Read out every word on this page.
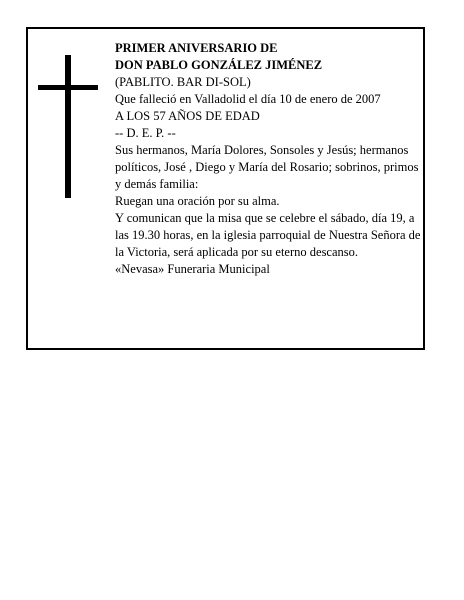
PRIMER ANIVERSARIO DE
DON PABLO GONZÁLEZ JIMÉNEZ
(PABLITO. BAR DI-SOL)
Que falleció en Valladolid el día 10 de enero de 2007
A LOS 57 AÑOS DE EDAD
-- D. E. P. --
Sus hermanos, María Dolores, Sonsoles y Jesús; hermanos políticos, José , Diego y María del Rosario; sobrinos, primos y demás familia:
Ruegan una oración por su alma.
Y comunican que la misa que se celebre el sábado, día 19, a las 19.30 horas, en la iglesia parroquial de Nuestra Señora de la Victoria, será aplicada por su eterno descanso.
«Nevasa» Funeraria Municipal
